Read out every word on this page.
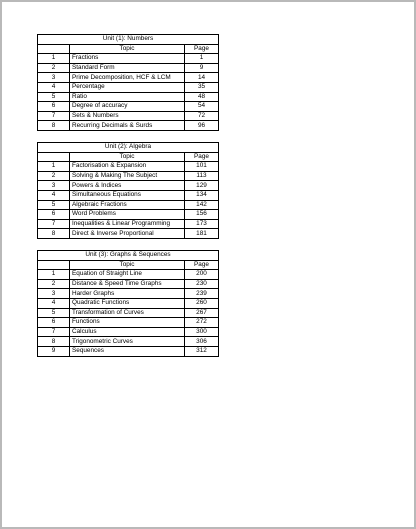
Unit (1): Numbers		
	Topic	Page
1	Fractions	1
2	Standard Form	9
3	Prime Decomposition, HCF & LCM	14
4	Percentage	35
5	Ratio	48
6	Degree of accuracy	54
7	Sets & Numbers	72
8	Recurring Decimals & Surds	96
Unit (2): Algebra		
	Topic	Page
1	Factorisation & Expansion	101
2	Solving & Making The Subject	113
3	Powers & Indices	129
4	Simultaneous Equations	134
5	Algebraic Fractions	142
6	Word Problems	156
7	Inequalities & Linear Programming	173
8	Direct & Inverse Proportional	181
Unit (3): Graphs & Sequences		
	Topic	Page
1	Equation of Straight Line	200
2	Distance & Speed Time Graphs	230
3	Harder Graphs	239
4	Quadratic Functions	260
5	Transformation of Curves	267
6	Functions	272
7	Calculus	300
8	Trigonometric Curves	306
9	Sequences	312
